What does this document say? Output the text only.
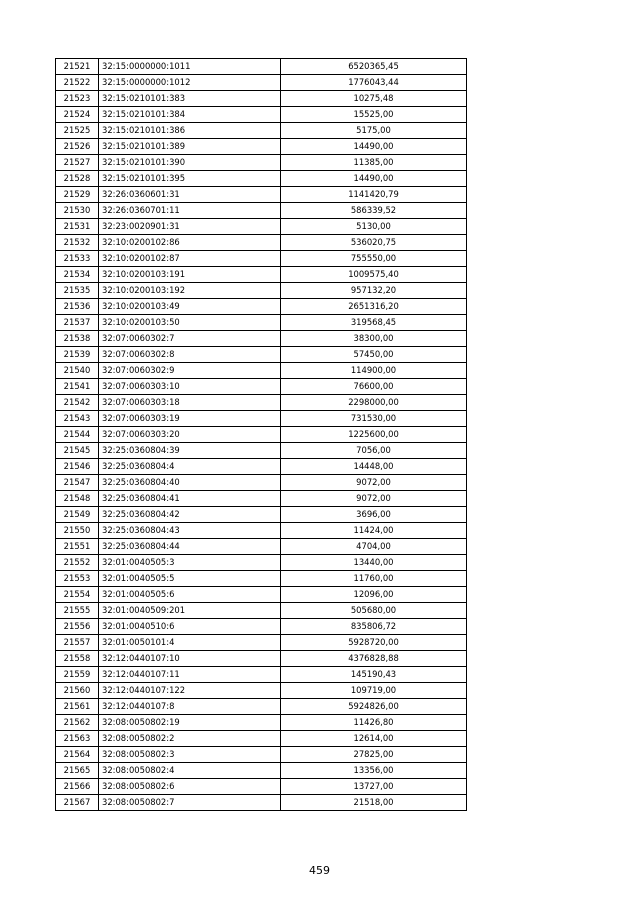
21521	32:15:0000000:1011	6520365,45
21522	32:15:0000000:1012	1776043,44
21523	32:15:0210101:383	10275,48
21524	32:15:0210101:384	15525,00
21525	32:15:0210101:386	5175,00
21526	32:15:0210101:389	14490,00
21527	32:15:0210101:390	11385,00
21528	32:15:0210101:395	14490,00
21529	32:26:0360601:31	1141420,79
21530	32:26:0360701:11	586339,52
21531	32:23:0020901:31	5130,00
21532	32:10:0200102:86	536020,75
21533	32:10:0200102:87	755550,00
21534	32:10:0200103:191	1009575,40
21535	32:10:0200103:192	957132,20
21536	32:10:0200103:49	2651316,20
21537	32:10:0200103:50	319568,45
21538	32:07:0060302:7	38300,00
21539	32:07:0060302:8	57450,00
21540	32:07:0060302:9	114900,00
21541	32:07:0060303:10	76600,00
21542	32:07:0060303:18	2298000,00
21543	32:07:0060303:19	731530,00
21544	32:07:0060303:20	1225600,00
21545	32:25:0360804:39	7056,00
21546	32:25:0360804:4	14448,00
21547	32:25:0360804:40	9072,00
21548	32:25:0360804:41	9072,00
21549	32:25:0360804:42	3696,00
21550	32:25:0360804:43	11424,00
21551	32:25:0360804:44	4704,00
21552	32:01:0040505:3	13440,00
21553	32:01:0040505:5	11760,00
21554	32:01:0040505:6	12096,00
21555	32:01:0040509:201	505680,00
21556	32:01:0040510:6	835806,72
21557	32:01:0050101:4	5928720,00
21558	32:12:0440107:10	4376828,88
21559	32:12:0440107:11	145190,43
21560	32:12:0440107:122	109719,00
21561	32:12:0440107:8	5924826,00
21562	32:08:0050802:19	11426,80
21563	32:08:0050802:2	12614,00
21564	32:08:0050802:3	27825,00
21565	32:08:0050802:4	13356,00
21566	32:08:0050802:6	13727,00
21567	32:08:0050802:7	21518,00
459
